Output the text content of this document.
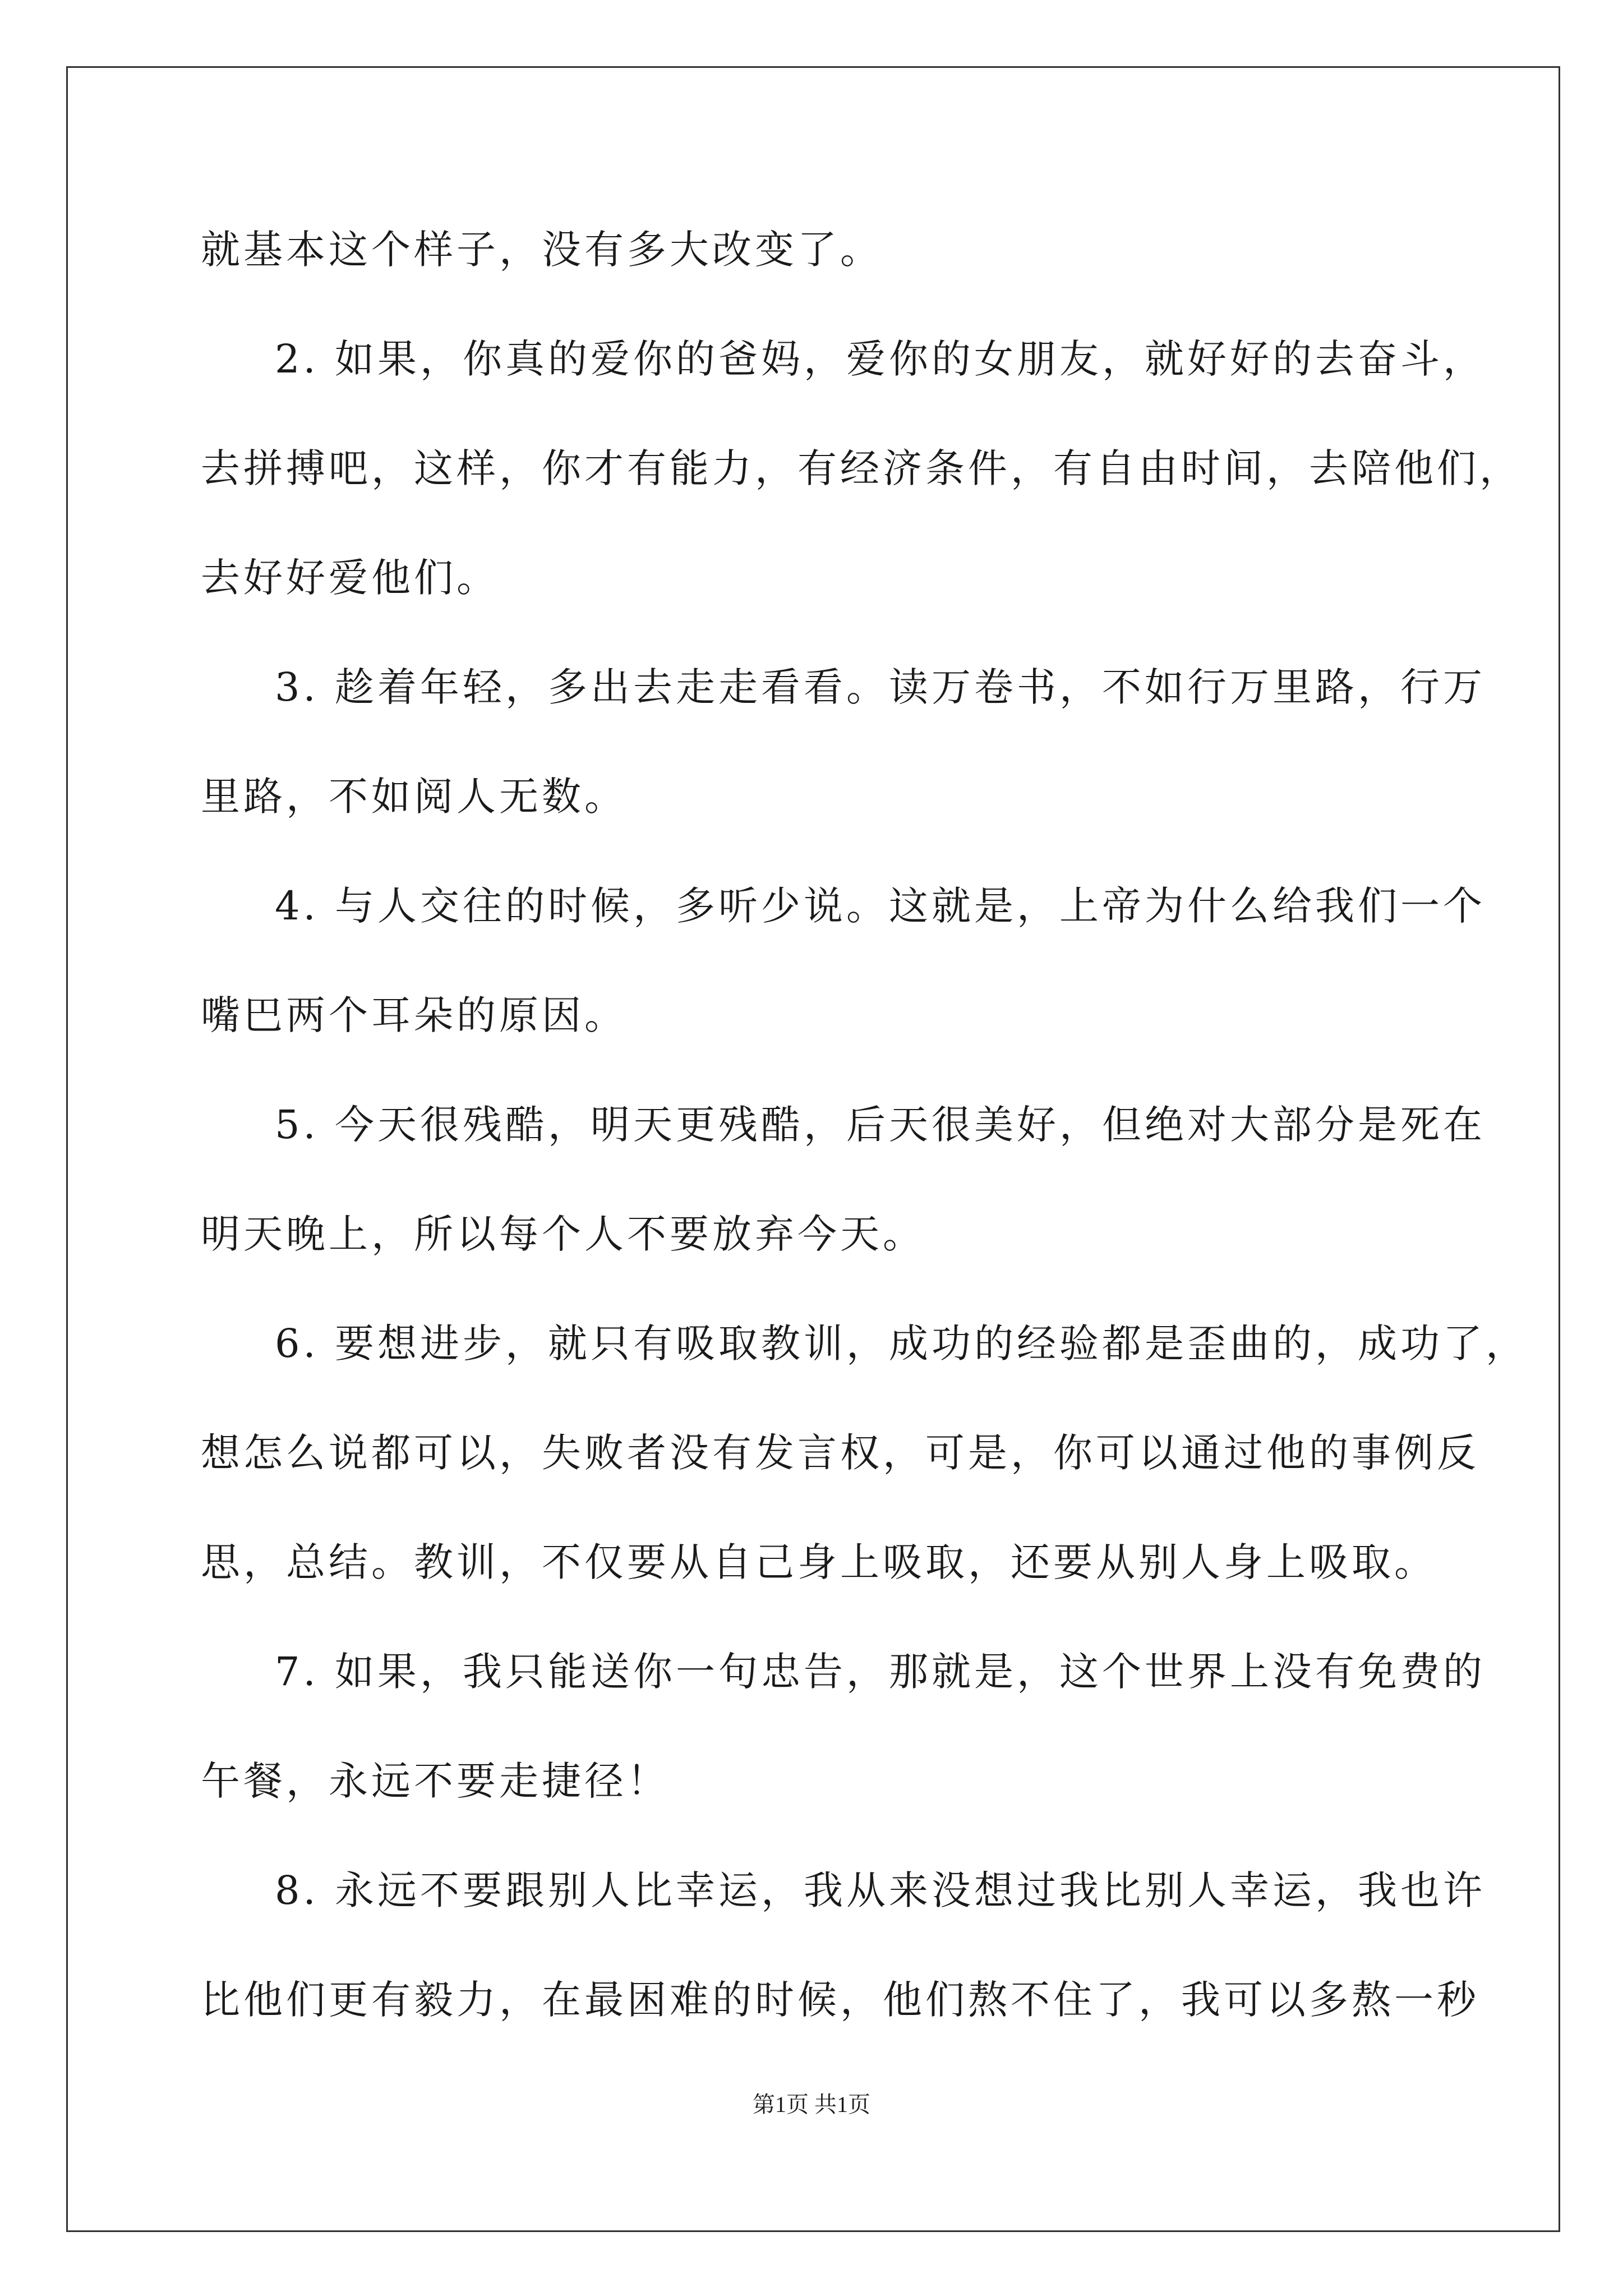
就基本这个样子，没有多大改变了。
2. 如果，你真的爱你的爸妈，爱你的女朋友，就好好的去奋斗，
去拼搏吧，这样，你才有能力，有经济条件，有自由时间，去陪他们，
去好好爱他们。
3. 趁着年轻，多出去走走看看。读万卷书，不如行万里路，行万
里路，不如阅人无数。
4. 与人交往的时候，多听少说。这就是，上帝为什么给我们一个
嘴巴两个耳朵的原因。
5. 今天很残酷，明天更残酷，后天很美好，但绝对大部分是死在
明天晚上，所以每个人不要放弃今天。
6. 要想进步，就只有吸取教训，成功的经验都是歪曲的，成功了，
想怎么说都可以，失败者没有发言权，可是，你可以通过他的事例反
思，总结。教训，不仅要从自己身上吸取，还要从别人身上吸取。
7. 如果，我只能送你一句忠告，那就是，这个世界上没有免费的
午餐，永远不要走捷径！
8. 永远不要跟别人比幸运，我从来没想过我比别人幸运，我也许
比他们更有毅力，在最困难的时候，他们熬不住了，我可以多熬一秒
第1页 共1页
